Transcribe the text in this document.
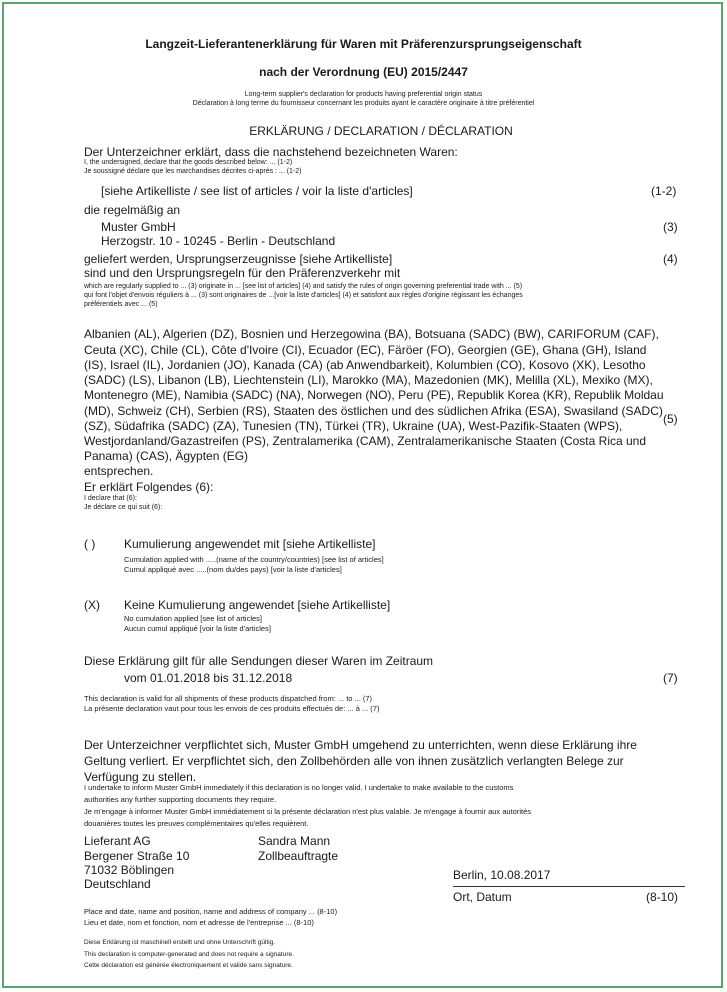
Langzeit-Lieferantenerklärung für Waren mit Präferenzursprungseigenschaft
nach der Verordnung (EU) 2015/2447
Long-term supplier's declaration for products having preferential origin status
Déclaration à long terme du fournisseur concernant les produits ayant le caractère originaire à titre préférentiel
ERKLÄRUNG / DECLARATION / DÉCLARATION
Der Unterzeichner erklärt, dass die nachstehend bezeichneten Waren:
I, the undersigned, declare that the goods described below: ... (1-2)
Je soussigné déclare que les marchandises décrites ci-après : ... (1-2)
[siehe Artikelliste / see list of articles / voir la liste d'articles]	(1-2)
die regelmäßig an
Muster GmbH	(3)
Herzogstr. 10 - 10245 - Berlin - Deutschland
geliefert werden, Ursprungserzeugnisse [siehe Artikelliste]	(4)
sind und den Ursprungsregeln für den Präferenzverkehr mit
which are regularly supplied to ... (3) originate in ... [see list of articles] (4) and satisfy the rules of origin governing preferential trade with ... (5)
qui font l'objet d'envois réguliers à ... (3) sont originaires de ...[voir la liste d'articles] (4) et satisfont aux règles d'origine régissant les échanges
préférentiels avec ... (5)
Albanien (AL), Algerien (DZ), Bosnien und Herzegowina (BA), Botsuana (SADC) (BW), CARIFORUM (CAF),
Ceuta (XC), Chile (CL), Côte d'Ivoire (CI), Ecuador (EC), Färöer (FO), Georgien (GE), Ghana (GH), Island
(IS), Israel (IL), Jordanien (JO), Kanada (CA) (ab Anwendbarkeit), Kolumbien (CO), Kosovo (XK), Lesotho
(SADC) (LS), Libanon (LB), Liechtenstein (LI), Marokko (MA), Mazedonien (MK), Melilla (XL), Mexiko (MX),
Montenegro (ME), Namibia (SADC) (NA), Norwegen (NO), Peru (PE), Republik Korea (KR), Republik Moldau
(MD), Schweiz (CH), Serbien (RS), Staaten des östlichen und des südlichen Afrika (ESA), Swasiland (SADC)
(SZ), Südafrika (SADC) (ZA), Tunesien (TN), Türkei (TR), Ukraine (UA), West-Pazifik-Staaten (WPS),
Westjordanland/Gazastreifen (PS), Zentralamerika (CAM), Zentralamerikanische Staaten (Costa Rica und
Panama) (CAS), Ägypten (EG)
(5)
entsprechen.
Er erklärt Folgendes (6):
I declare that (6):
Je déclare ce qui suit (6):
( ) Kumulierung angewendet mit [siehe Artikelliste]
Cumulation applied with .....(name of the country/countries) [see list of articles]
Cumul appliqué avec .....(nom du/des pays) [voir la liste d'articles]
(X) Keine Kumulierung angewendet [siehe Artikelliste]
No cumulation applied [see list of articles]
Aucun cumul appliqué [voir la liste d'articles]
Diese Erklärung gilt für alle Sendungen dieser Waren im Zeitraum
vom 01.01.2018 bis 31.12.2018	(7)
This declaration is valid for all shipments of these products dispatched from: ... to ... (7)
La présente declaration vaut pour tous les envois de ces produits effectués de: ... à ... (7)
Der Unterzeichner verpflichtet sich, Muster GmbH umgehend zu unterrichten, wenn diese Erklärung ihre Geltung verliert. Er verpflichtet sich, den Zollbehörden alle von ihnen zusätzlich verlangten Belege zur Verfügung zu stellen.
I undertake to inform Muster GmbH immediately if this declaration is no longer valid. I undertake to make available to the customs
authorities any further supporting documents they require.
Je m'engage à informer Muster GmbH immédiatement si la présente déclaration n'est plus valable. Je m'engage à fournir aux autorités
douanières toutes les preuves complémentaires qu'elles requièrent.
Lieferant AG
Bergener Straße 10
71032 Böblingen
Deutschland
Sandra Mann
Zollbeauftragte
Berlin, 10.08.2017
Ort, Datum	(8-10)
Place and date, name and position, name and address of company ... (8-10)
Lieu et date, nom et fonction, nom et adresse de l'entreprise ... (8-10)
Diese Erklärung ist maschinell erstellt und ohne Unterschrift gültig.
This declaration is computer-generated and does not require a signature.
Cette déclaration est générée électroniquement et valide sans signature.
